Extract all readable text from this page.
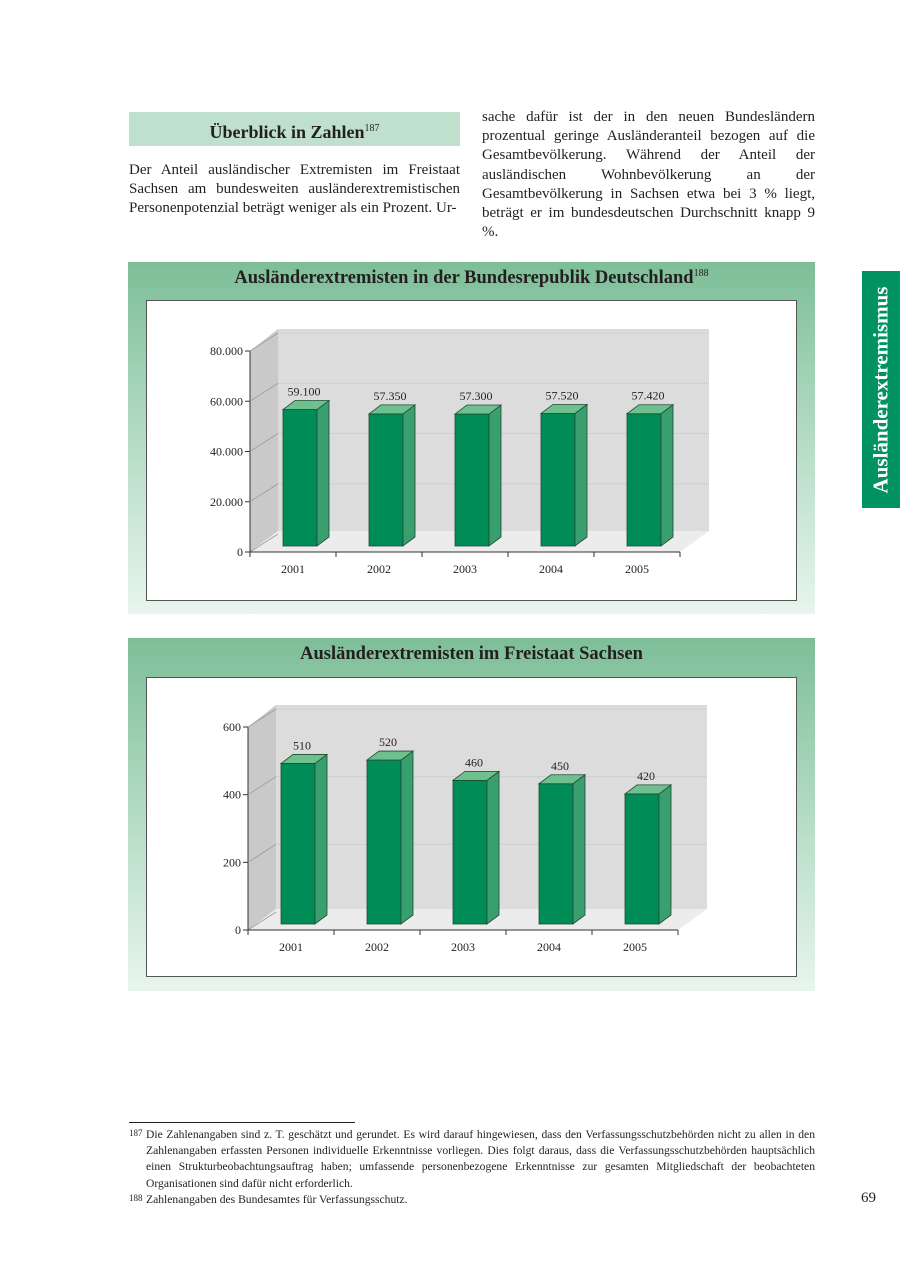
Überblick in Zahlen$^{187}$
Der Anteil ausländischer Extremisten im Freistaat Sachsen am bundesweiten ausländerextremistischen Personenpotenzial beträgt weniger als ein Prozent. Ur-
sache dafür ist der in den neuen Bundesländern prozentual geringe Ausländeranteil bezogen auf die Gesamtbevölkerung. Während der Anteil der ausländischen Wohnbevölkerung an der Gesamtbevölkerung in Sachsen etwa bei 3 % liegt, beträgt er im bundesdeutschen Durchschnitt knapp 9 %.
Ausländerextremismus
Ausländerextremisten in der Bundesrepublik Deutschland$^{188}$
0
20.000
40.000
60.000
80.000
2001	2002	2003	2004	2005
59.100	57.350	57.300	57.520	57.420
Ausländerextremisten im Freistaat Sachsen
0
200
400
600
2001	2002	2003	2004	2005
510	520
460	450
420
187 Die Zahlenangaben sind z. T. geschätzt und gerundet. Es wird darauf hingewiesen, dass den Verfassungsschutzbehörden nicht zu allen in den Zahlenangaben erfassten Personen individuelle Erkenntnisse vorliegen. Dies folgt daraus, dass die Verfassungsschutzbehörden hauptsächlich einen Strukturbeobachtungsauftrag haben; umfassende personenbezogene Erkenntnisse zur gesamten Mitgliedschaft der beobachteten Organisationen sind dafür nicht erforderlich.
188 Zahlenangaben des Bundesamtes für Verfassungsschutz.	69
